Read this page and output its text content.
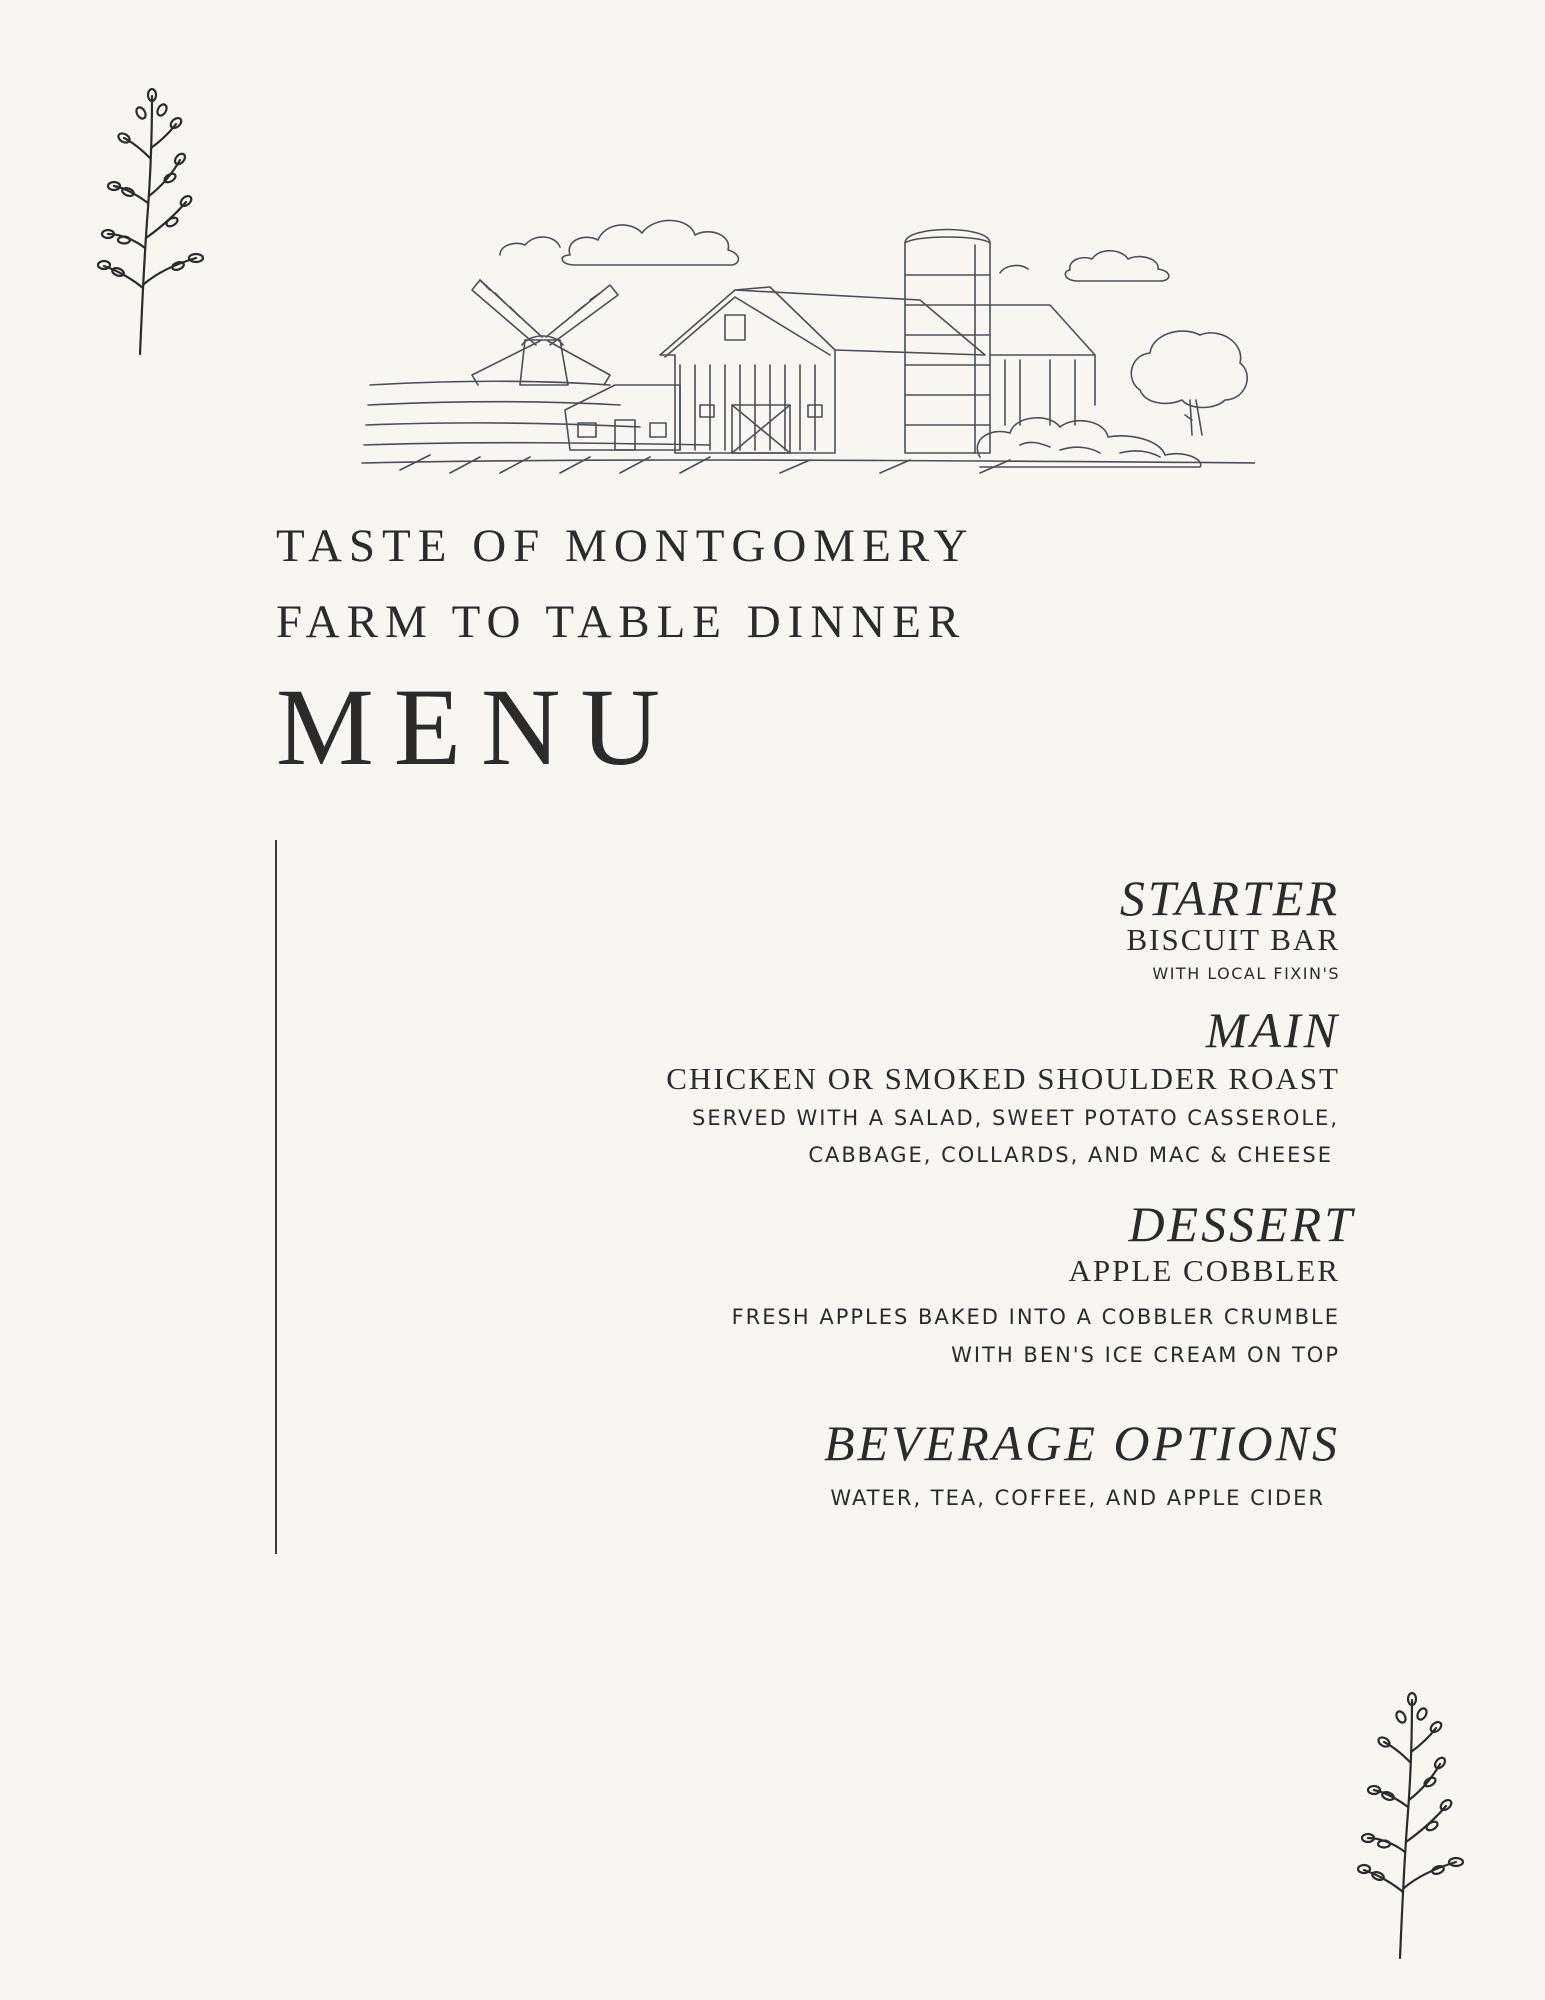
TASTE OF MONTGOMERY
FARM TO TABLE DINNER
MENU
STARTER
BISCUIT BAR
WITH LOCAL FIXIN'S
MAIN
CHICKEN OR SMOKED SHOULDER ROAST
SERVED WITH A SALAD, SWEET POTATO CASSEROLE,
CABBAGE, COLLARDS, AND MAC & CHEESE
DESSERT
APPLE COBBLER
FRESH APPLES BAKED INTO A COBBLER CRUMBLE
WITH BEN'S ICE CREAM ON TOP
BEVERAGE OPTIONS
WATER, TEA, COFFEE, AND APPLE CIDER
